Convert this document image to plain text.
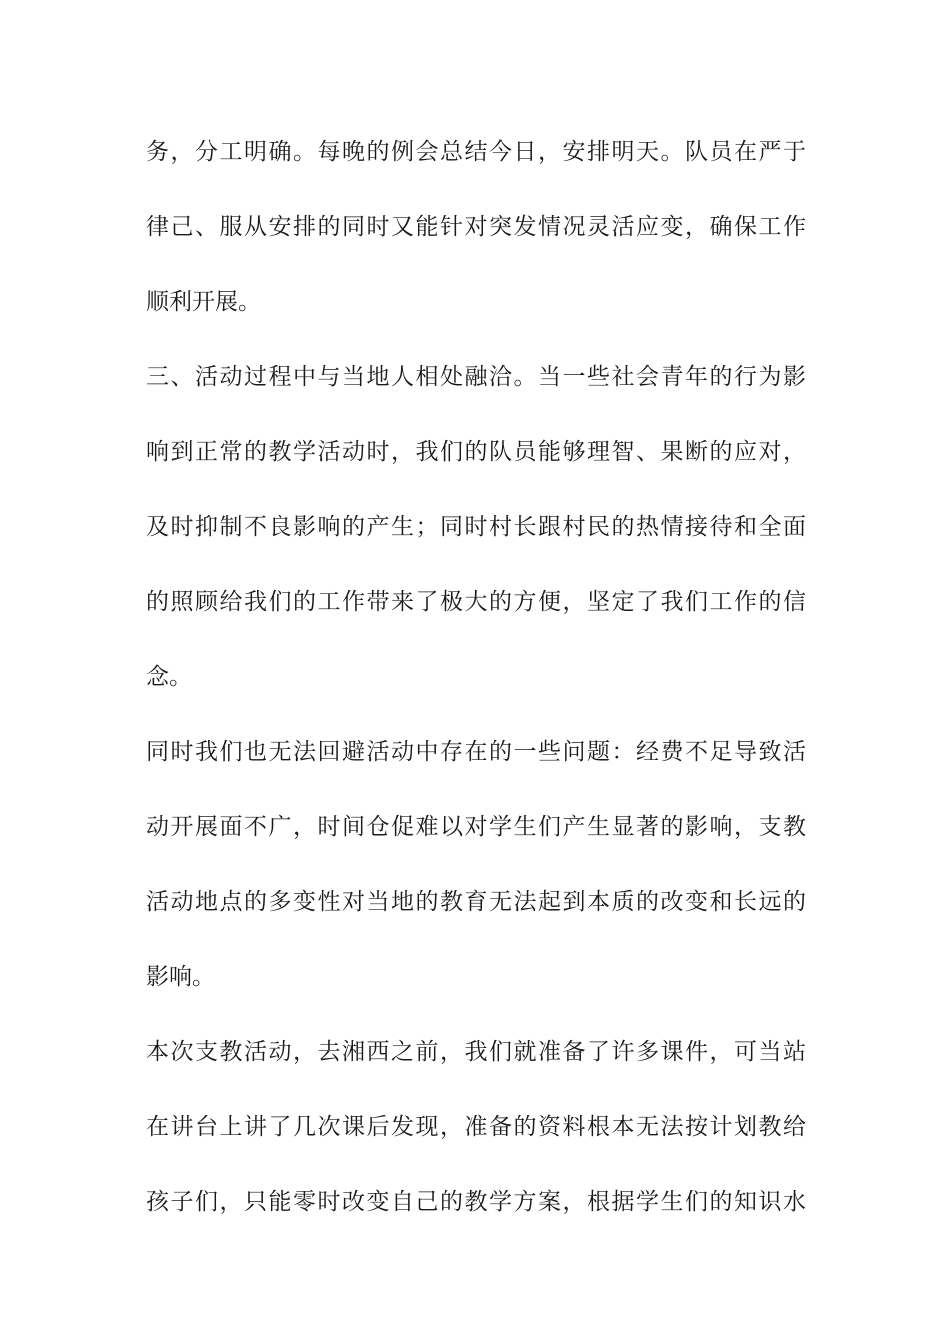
务，分工明确。每晚的例会总结今日，安排明天。队员在严于
律己、服从安排的同时又能针对突发情况灵活应变，确保工作
顺利开展。
三、活动过程中与当地人相处融洽。当一些社会青年的行为影
响到正常的教学活动时，我们的队员能够理智、果断的应对，
及时抑制不良影响的产生；同时村长跟村民的热情接待和全面
的照顾给我们的工作带来了极大的方便，坚定了我们工作的信
念。
同时我们也无法回避活动中存在的一些问题：经费不足导致活
动开展面不广，时间仓促难以对学生们产生显著的影响，支教
活动地点的多变性对当地的教育无法起到本质的改变和长远的
影响。
本次支教活动，去湘西之前，我们就准备了许多课件，可当站
在讲台上讲了几次课后发现，准备的资料根本无法按计划教给
孩子们，只能零时改变自己的教学方案，根据学生们的知识水
